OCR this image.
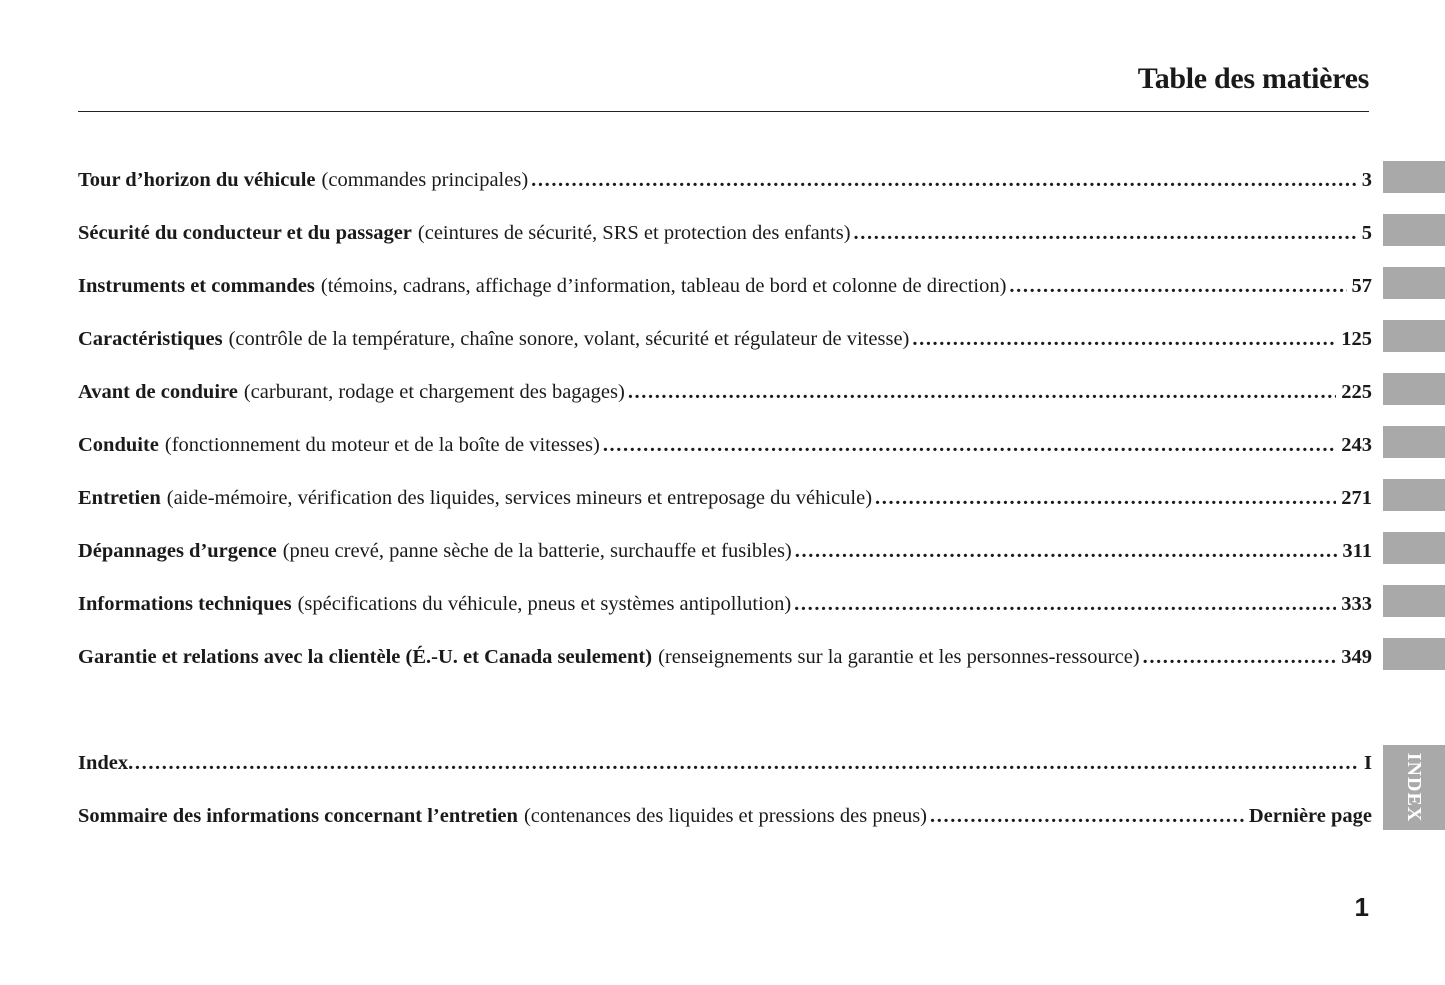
Table des matières
Tour d’horizon du véhicule (commandes principales) .....	3
Sécurité du conducteur et du passager (ceintures de sécurité, SRS et protection des enfants) .....	5
Instruments et commandes (témoins, cadrans, affichage d’information, tableau de bord et colonne de direction) .....	57
Caractéristiques (contrôle de la température, chaîne sonore, volant, sécurité et régulateur de vitesse) .....	125
Avant de conduire (carburant, rodage et chargement des bagages) .....	225
Conduite (fonctionnement du moteur et de la boîte de vitesses) .....	243
Entretien (aide-mémoire, vérification des liquides, services mineurs et entreposage du véhicule) .....	271
Dépannages d’urgence (pneu crevé, panne sèche de la batterie, surchauffe et fusibles) .....	311
Informations techniques (spécifications du véhicule, pneus et systèmes antipollution) .....	333
Garantie et relations avec la clientèle (É.-U. et Canada seulement) (renseignements sur la garantie et les personnes-ressource) .....	349
Index .....	I
Sommaire des informations concernant l’entretien (contenances des liquides et pressions des pneus) .....	Dernière page INDEX
1
